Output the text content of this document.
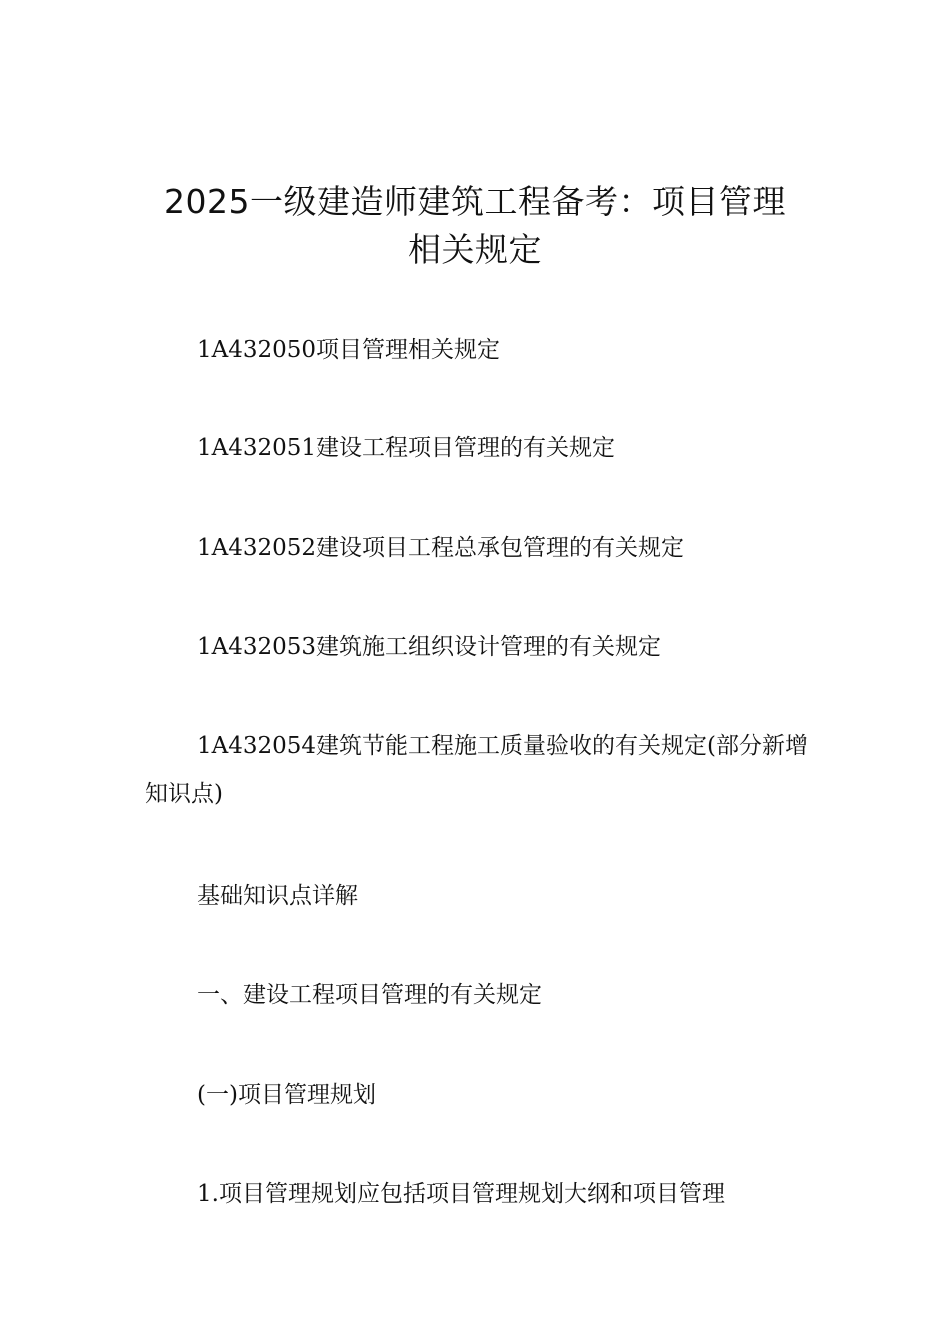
2025一级建造师建筑工程备考：项目管理
相关规定

1A432050项目管理相关规定

1A432051建设工程项目管理的有关规定

1A432052建设项目工程总承包管理的有关规定

1A432053建筑施工组织设计管理的有关规定

1A432054建筑节能工程施工质量验收的有关规定(部分新增知识点)

基础知识点详解

一、建设工程项目管理的有关规定

(一)项目管理规划

1.项目管理规划应包括项目管理规划大纲和项目管理
